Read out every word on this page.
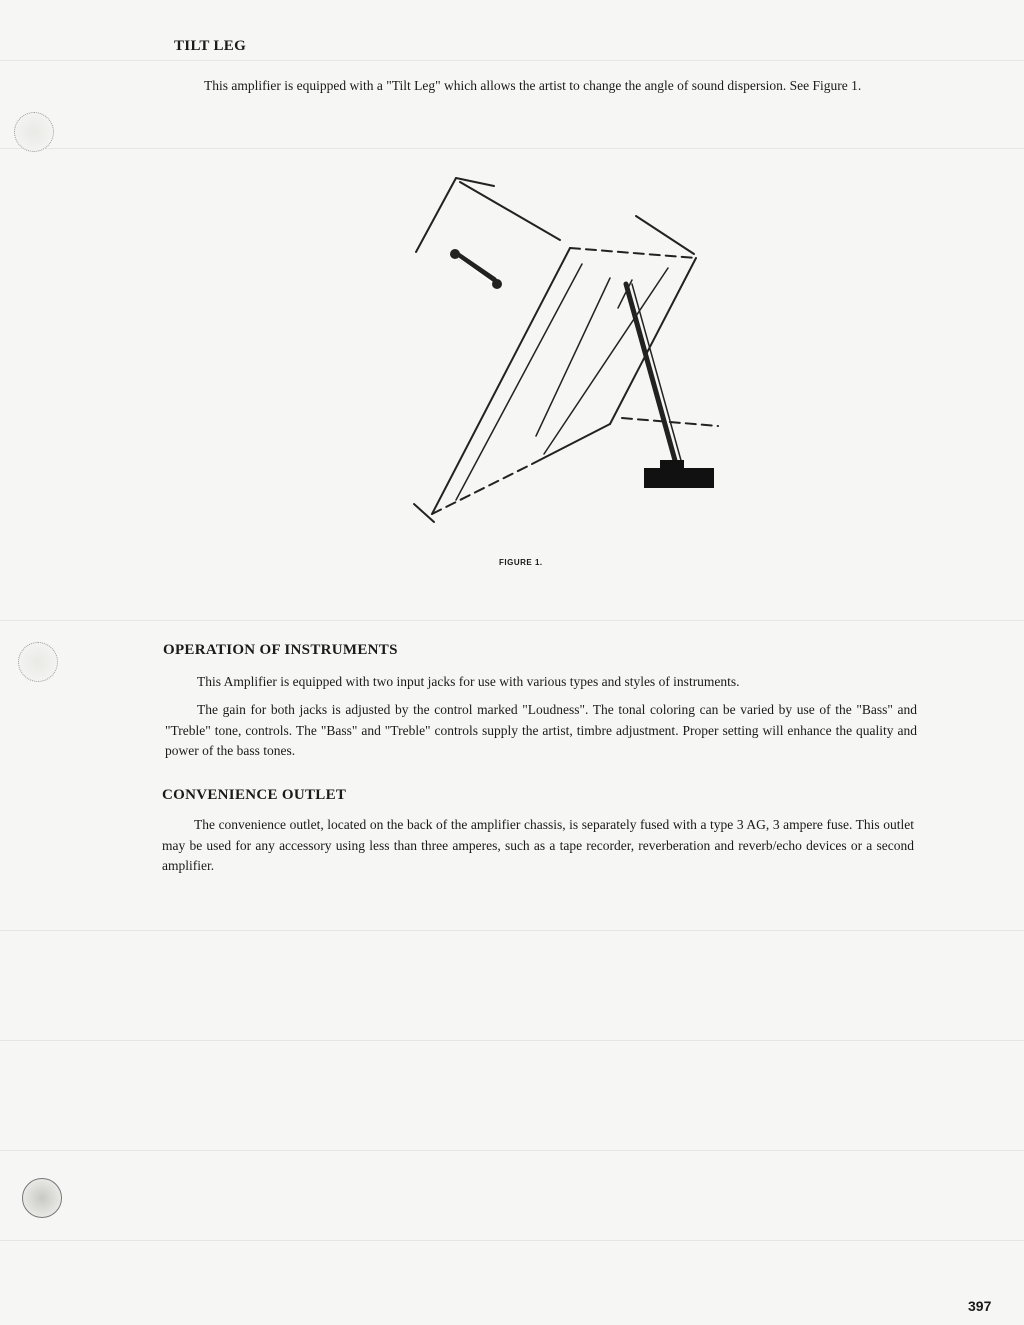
TILT LEG

This amplifier is equipped with a "Tilt Leg" which allows the artist to change the angle of sound dispersion. See Figure 1.

FIGURE 1.

OPERATION OF INSTRUMENTS

This Amplifier is equipped with two input jacks for use with various types and styles of instruments.

The gain for both jacks is adjusted by the control marked "Loudness". The tonal coloring can be varied by use of the "Bass" and "Treble" tone, controls. The "Bass" and "Treble" controls supply the artist, timbre adjustment. Proper setting will enhance the quality and power of the bass tones.

CONVENIENCE OUTLET

The convenience outlet, located on the back of the amplifier chassis, is separately fused with a type 3 AG, 3 ampere fuse. This outlet may be used for any accessory using less than three amperes, such as a tape recorder, reverberation and reverb/echo devices or a second amplifier.

397
